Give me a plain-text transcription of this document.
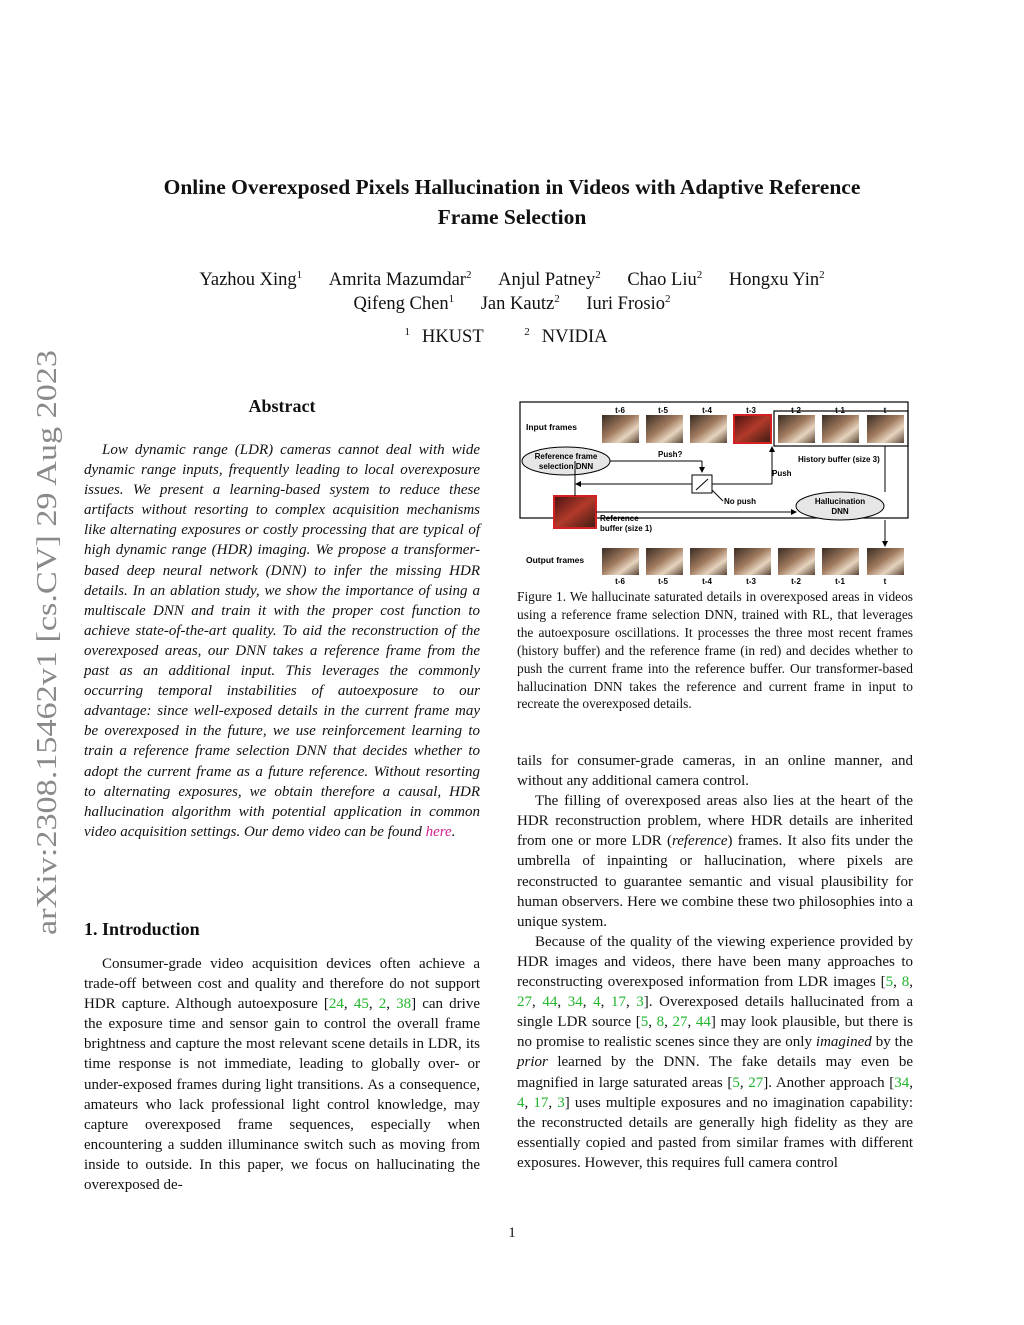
arXiv:2308.15462v1 [cs.CV] 29 Aug 2023
Online Overexposed Pixels Hallucination in Videos with Adaptive Reference
Frame Selection
Yazhou Xing$^1$ Amrita Mazumdar$^2$ Anjul Patney$^2$ Chao Liu$^2$ Hongxu Yin$^2$
Qifeng Chen$^1$ Jan Kautz$^2$ Iuri Frosio$^2$
$^1$ HKUST	$^2$ NVIDIA
Abstract

Low dynamic range (LDR) cameras cannot deal with wide dynamic range inputs, frequently leading to local overexposure issues. We present a learning-based system to reduce these artifacts without resorting to complex acquisition mechanisms like alternating exposures or costly processing that are typical of high dynamic range (HDR) imaging. We propose a transformer-based deep neural network (DNN) to infer the missing HDR details. In an ablation study, we show the importance of using a multiscale DNN and train it with the proper cost function to achieve state-of-the-art quality. To aid the reconstruction of the overexposed areas, our DNN takes a reference frame from the past as an additional input. This leverages the commonly occurring temporal instabilities of autoexposure to our advantage: since well-exposed details in the current frame may be overexposed in the future, we use reinforcement learning to train a reference frame selection DNN that decides whether to adopt the current frame as a future reference. Without resorting to alternating exposures, we obtain therefore a causal, HDR hallucination algorithm with potential application in common video acquisition settings. Our demo video can be found here.

1. Introduction

Consumer-grade video acquisition devices often achieve a trade-off between cost and quality and therefore do not support HDR capture. Although autoexposure [24, 45, 2, 38] can drive the exposure time and sensor gain to control the overall frame brightness and capture the most relevant scene details in LDR, its time response is not immediate, leading to globally over- or under-exposed frames during light transitions. As a consequence, amateurs who lack professional light control knowledge, may capture overexposed frame sequences, especially when encountering a sudden illuminance switch such as moving from inside to outside. In this paper, we focus on hallucinating the overexposed de-

Input frames
t-6	t-5	t-4	t-3	t-2	t-1	t
History buffer (size 3)
Reference frame
selection DNN
Push?
Push
No push
Reference
buffer (size 1)
Hallucination
DNN
Output frames
t-6	t-5	t-4	t-3	t-2	t-1	t
Figure 1. We hallucinate saturated details in overexposed areas in videos using a reference frame selection DNN, trained with RL, that leverages the autoexposure oscillations. It processes the three most recent frames (history buffer) and the reference frame (in red) and decides whether to push the current frame into the reference buffer. Our transformer-based hallucination DNN takes the reference and current frame in input to recreate the overexposed details.

tails for consumer-grade cameras, in an online manner, and without any additional camera control.

The filling of overexposed areas also lies at the heart of the HDR reconstruction problem, where HDR details are inherited from one or more LDR (reference) frames. It also fits under the umbrella of inpainting or hallucination, where pixels are reconstructed to guarantee semantic and visual plausibility for human observers. Here we combine these two philosophies into a unique system.

Because of the quality of the viewing experience provided by HDR images and videos, there have been many approaches to reconstructing overexposed information from LDR images [5, 8, 27, 44, 34, 4, 17, 3]. Overexposed details hallucinated from a single LDR source [5, 8, 27, 44] may look plausible, but there is no promise to realistic scenes since they are only imagined by the prior learned by the DNN. The fake details may even be magnified in large saturated areas [5, 27]. Another approach [34, 4, 17, 3] uses multiple exposures and no imagination capability: the reconstructed details are generally high fidelity as they are essentially copied and pasted from similar frames with different exposures. However, this requires full camera control

1
